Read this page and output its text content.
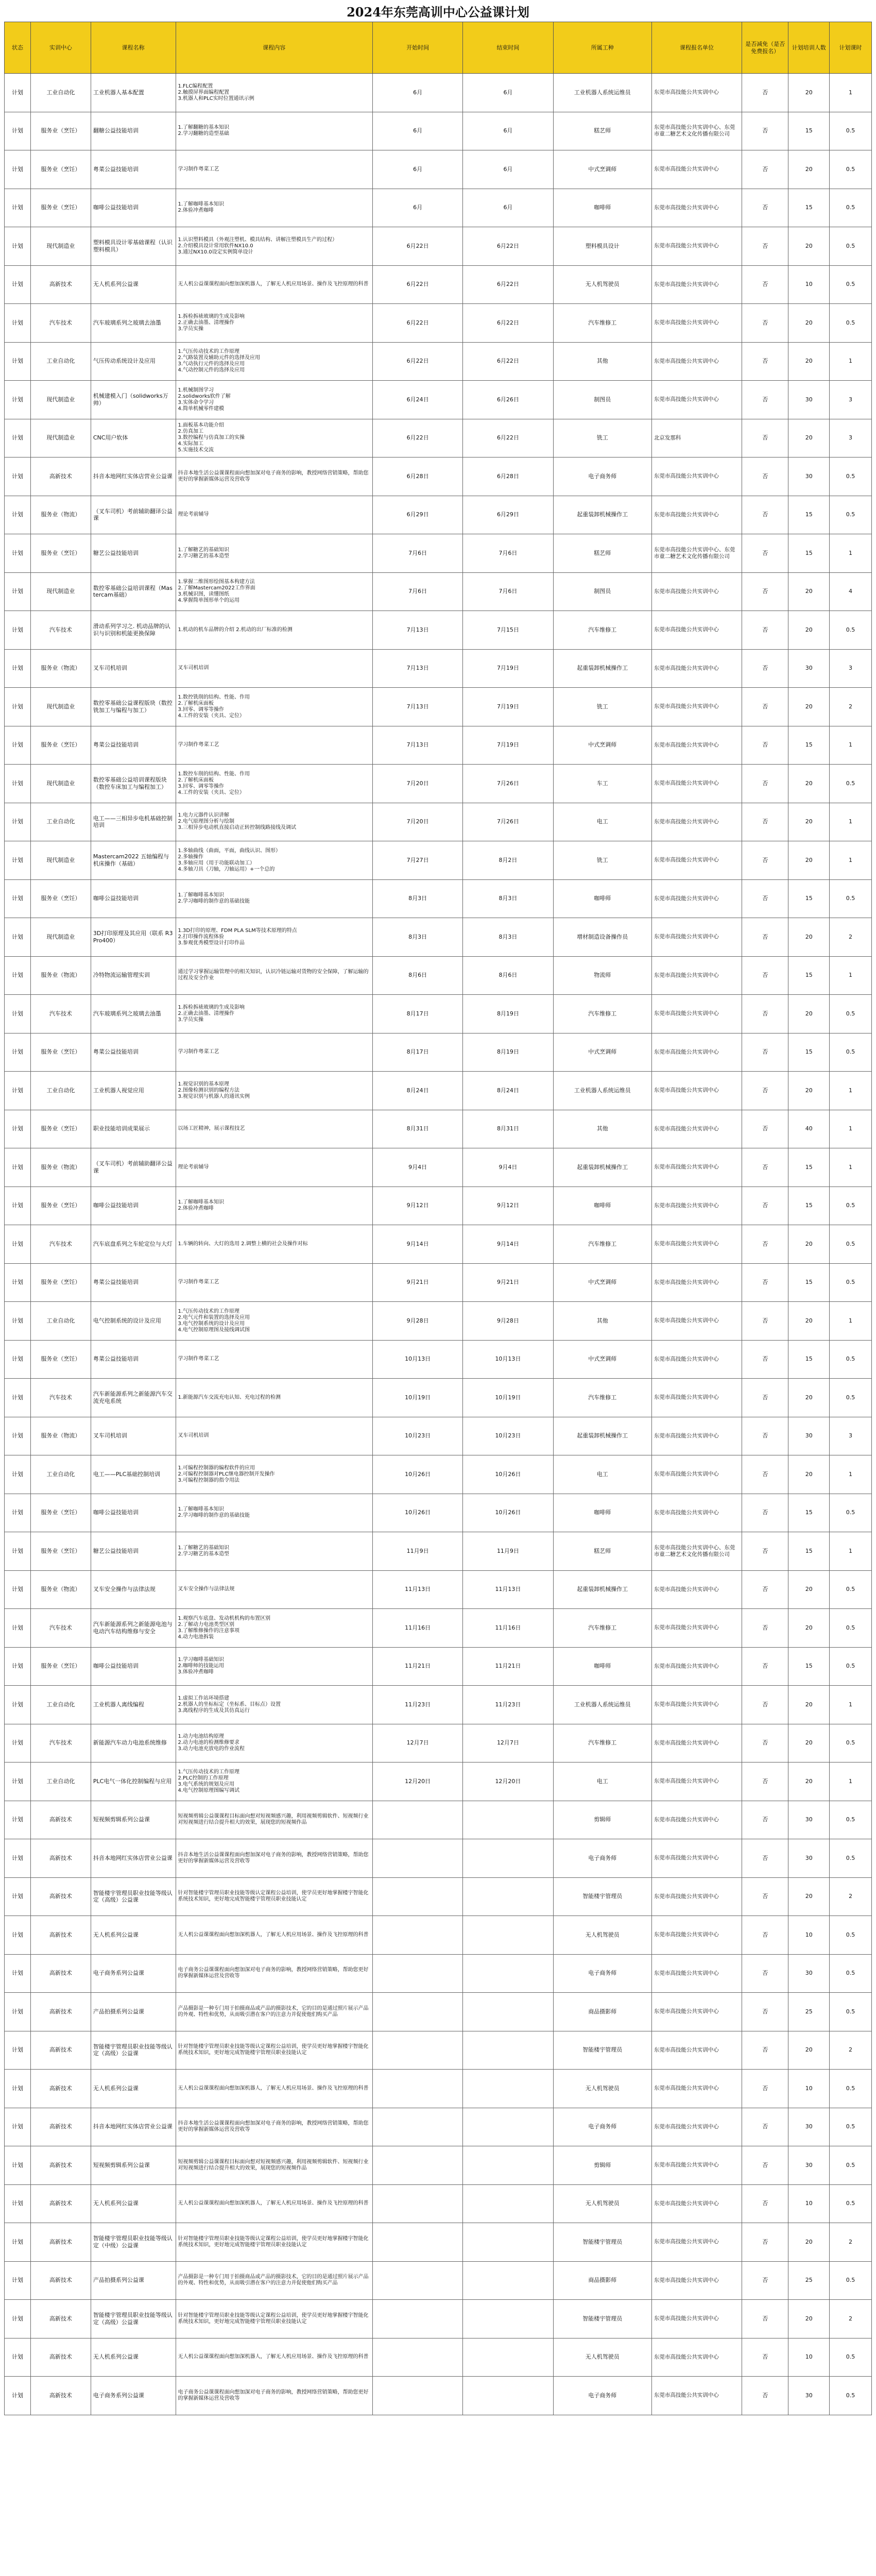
2024年东莞高训中心公益课计划
状态	实训中心	课程名称	课程内容	开始时间	结束时间	所属工种	课程报名单位	是否减免（是否免费报名）	计划培训人数	计划课时
计划	工业自动化	工业机器人基本配置	1.FLC编程配置
2.触摸屏界面编程配置
3.机器人和PLC实时位置通讯示例	6月	6月	工业机器人系统运维员	东莞市高技能公共实训中心	否	20	1
计划	服务业（烹饪）	翻糖公益技能培训	1.了解翻糖的基本知识
2.学习翻糖的造型基础	6月	6月	糕艺师	东莞市高技能公共实训中心、东莞市童二糖艺术文化传播有限公司	否	15	0.5
计划	服务业（烹饪）	粤菜公益技能培训	学习制作粤菜工艺	6月	6月	中式烹调师	东莞市高技能公共实训中心	否	20	0.5
计划	服务业（烹饪）	咖啡公益技能培训	1.了解咖啡基本知识
2.体验冲煮咖啡	6月	6月	咖啡师	东莞市高技能公共实训中心	否	15	0.5
计划	现代制造业	塑料模具设计零基础课程（认识塑料模具）	1.认识塑料模具（外观注塑机、模具结构、讲解注塑模具生产的过程）
2.介绍模具设计常用软件NX10.0
3.通过NX10.0设定实例简单设计	6月22日	6月22日	塑料模具设计	东莞市高技能公共实训中心	否	20	0.5
计划	高新技术	无人机系列公益课	无人机公益课课程面向想加深机器人，了解无人机应用场景、操作及飞控原理的科普	6月22日	6月22日	无人机驾驶员	东莞市高技能公共实训中心	否	10	0.5
计划	汽车技术	汽车玻璃系列之玻璃去油墨	1.拆检拆裱玻璃的生成及影响
2.正确去油墨、清理操作
3.学员实操	6月22日	6月22日	汽车维修工	东莞市高技能公共实训中心	否	20	0.5
计划	工业自动化	气压传动系统设计及应用	1.气压传动技术的工作原理
2.气路装置及辅助元件的选择及应用
3.气动执行元件的选择及应用
4.气动控制元件的选择及应用	6月22日	6月22日	其他	东莞市高技能公共实训中心	否	20	1
计划	现代制造业	机械建模入门（solidworks万帅）	1.机械制图学习
2.solidworks软件了解
3.实体命令学习
4.简单机械零件建模	6月24日	6月26日	制图员	东莞市高技能公共实训中心	否	30	3
计划	现代制造业	CNC用户软体	1.面板基本功能介绍
2.仿真加工
3.数控编程与仿真加工的实操
4.实际加工
5.实施技术交流	6月22日	6月22日	铣工	北京发那科	否	20	3
计划	高新技术	抖音本地网红实体店营业公益课	抖音本地生活公益课课程面向想加深对电子商务的影响，教授网络营销策略，帮助您更好的掌握新媒体运营及营收等	6月28日	6月28日	电子商务师	东莞市高技能公共实训中心	否	30	0.5
计划	服务业（物流）	（叉车司机）考前辅助翻译公益课	理论考前辅导	6月29日	6月29日	起重装卸机械操作工	东莞市高技能公共实训中心	否	15	0.5
计划	服务业（烹饪）	糖艺公益技能培训	1.了解糖艺的基础知识
2.学习糖艺的基本造型	7月6日	7月6日	糕艺师	东莞市高技能公共实训中心、东莞市童二糖艺术文化传播有限公司	否	15	1
计划	现代制造业	数控零基础公益培训课程（Mastercam基础）	1.掌握二维图形绘图基本构建方法
2.了解Mastercam2022工作界面
3.机械识图，读懂图纸
4.掌握简单图形单个的运用	7月6日	7月6日	制图员	东莞市高技能公共实训中心	否	20	4
计划	汽车技术	滑动系列学习之. 机动品牌的认识与识别和机能更换保障	1.机动的机车品牌的介绍 2.机动的出厂标准的检测	7月13日	7月15日	汽车维修工	东莞市高技能公共实训中心	否	20	0.5
计划	服务业（物流）	叉车司机培训	叉车司机培训	7月13日	7月19日	起重装卸机械操作工	东莞市高技能公共实训中心	否	30	3
计划	现代制造业	数控零基础公益课程版块（数控铣加工与编程与加工）	1.数控铣削的结构、性能、作用
2.了解机床面板
3.回零、调零等操作
4.工件的安装（夹具、定位）	7月13日	7月19日	铣工	东莞市高技能公共实训中心	否	20	2
计划	服务业（烹饪）	粤菜公益技能培训	学习制作粤菜工艺	7月13日	7月19日	中式烹调师	东莞市高技能公共实训中心	否	15	1
计划	现代制造业	数控零基础公益培训课程版块（数控车床加工与编程加工）	1.数控车削的结构、性能、作用
2.了解机床面板
3.回零、调零等操作
4.工件的安装（夹具、定位）	7月20日	7月26日	车工	东莞市高技能公共实训中心	否	20	0.5
计划	工业自动化	电工——三相异步电机基础控制培训	1.电力元器件认识讲解
2.电气原理图分析与绘制
3.三相异步电动机直接启动正转控制线路接线及调试	7月20日	7月26日	电工	东莞市高技能公共实训中心	否	20	1
计划	现代制造业	Mastercam2022 五轴编程与机床操作（基础）	1.多轴曲线（曲面，平面，曲线认识、图形）
2.多轴操作
3.多轴应用（用于功能联动加工）
4.多轴刀具（刀轴，刀轴运用）+一个总的	7月27日	8月2日	铣工	东莞市高技能公共实训中心	否	20	1
计划	服务业（烹饪）	咖啡公益技能培训	1.了解咖啡基本知识
2.学习咖啡的制作意的基础技能	8月3日	8月3日	咖啡师	东莞市高技能公共实训中心	否	15	0.5
计划	现代制造业	3D打印原理及其应用（联系 R3 Pro400）	1.3D打印的原理、FDM PLA SLM等技术原理的特点
2.打印操作流程体验
3.参观优秀模型设计打印作品	8月3日	8月3日	增材制造设备操作员	东莞市高技能公共实训中心	否	20	2
计划	服务业（物流）	冷特物流运输管理实训	通过学习掌握运输管理中的相关知识，认识冷链运输对货物的安全保障，了解运输的过程及安全作业	8月6日	8月6日	物流师	东莞市高技能公共实训中心	否	15	1
计划	汽车技术	汽车玻璃系列之玻璃去油墨	1.拆检拆裱玻璃的生成及影响
2.正确去油墨、清理操作
3.学员实操	8月17日	8月19日	汽车维修工	东莞市高技能公共实训中心	否	20	0.5
计划	服务业（烹饪）	粤菜公益技能培训	学习制作粤菜工艺	8月17日	8月19日	中式烹调师	东莞市高技能公共实训中心	否	15	0.5
计划	工业自动化	工业机器人视觉应用	1.视觉识别的基本原理
2.图像检测识别的编程方法
3.视觉识别与机器人的通讯实例	8月24日	8月24日	工业机器人系统运维员	东莞市高技能公共实训中心	否	20	1
计划	服务业（烹饪）	职业技能培训成果展示	以场工匠精神，展示课程技艺	8月31日	8月31日	其他	东莞市高技能公共实训中心	否	40	1
计划	服务业（物流）	（叉车司机）考前辅助翻译公益课	理论考前辅导	9月4日	9月4日	起重装卸机械操作工	东莞市高技能公共实训中心	否	15	1
计划	服务业（烹饪）	咖啡公益技能培训	1.了解咖啡基本知识
2.体验冲煮咖啡	9月12日	9月12日	咖啡师	东莞市高技能公共实训中心	否	15	0.5
计划	汽车技术	汽车底盘系列之车轮定位与大灯	1.车辆的转向、大灯的选用 2.调整上横的社会及操作对标	9月14日	9月14日	汽车维修工	东莞市高技能公共实训中心	否	20	0.5
计划	服务业（烹饪）	粤菜公益技能培训	学习制作粤菜工艺	9月21日	9月21日	中式烹调师	东莞市高技能公共实训中心	否	15	0.5
计划	工业自动化	电气控制系统的设计及应用	1.气压传动技术的工作原理
2.电气元件和装置的选择及应用
3.电气控制系统的设计及应用
4.电气控制原理图及接线调试图	9月28日	9月28日	其他	东莞市高技能公共实训中心	否	20	1
计划	服务业（烹饪）	粤菜公益技能培训	学习制作粤菜工艺	10月13日	10月13日	中式烹调师	东莞市高技能公共实训中心	否	15	0.5
计划	汽车技术	汽车新能源系列之新能源汽车交流充电系统	1.新能源汽车交流充电认知、充电过程的检测	10月19日	10月19日	汽车维修工	东莞市高技能公共实训中心	否	20	0.5
计划	服务业（物流）	叉车司机培训	叉车司机培训	10月23日	10月23日	起重装卸机械操作工	东莞市高技能公共实训中心	否	30	3
计划	工业自动化	电工——PLC基础控制培训	1.可编程控制器的编程软件的应用
2.可编程控制器对PLC继电器控制开发操作
3.可编程控制器的指令用法	10月26日	10月26日	电工	东莞市高技能公共实训中心	否	20	1
计划	服务业（烹饪）	咖啡公益技能培训	1.了解咖啡基本知识
2.学习咖啡的制作意的基础技能	10月26日	10月26日	咖啡师	东莞市高技能公共实训中心	否	15	0.5
计划	服务业（烹饪）	糖艺公益技能培训	1.了解糖艺的基础知识
2.学习糖艺的基本造型	11月9日	11月9日	糕艺师	东莞市高技能公共实训中心、东莞市童二糖艺术文化传播有限公司	否	15	1
计划	服务业（物流）	叉车安全操作与法律法规	叉车安全操作与法律法规	11月13日	11月13日	起重装卸机械操作工	东莞市高技能公共实训中心	否	20	0.5
计划	汽车技术	汽车新能源系列之新能源电池与电动汽车结构维修与安全	1.观察汽车底盘、发动机机构的布置区别
2.了解动力电池类型区别
3.了解维修操作的注意事项
4.动力电池拆装	11月16日	11月16日	汽车维修工	东莞市高技能公共实训中心	否	20	0.5
计划	服务业（烹饪）	咖啡公益技能培训	1.学习咖啡基础知识
2.咖啡师的技能运用
3.体验冲煮咖啡	11月21日	11月21日	咖啡师	东莞市高技能公共实训中心	否	15	0.5
计划	工业自动化	工业机器人离线编程	1.虚拟工作站环境搭建
2.机器人的坐标标定（坐标系、目标点）设置
3.离线程序的生成及其仿真运行	11月23日	11月23日	工业机器人系统运维员	东莞市高技能公共实训中心	否	20	1
计划	汽车技术	新能源汽车动力电池系统维修	1.动力电池结构原理
2.动力电池的检测维修要求
3.动力电池充放电的作业流程	12月7日	12月7日	汽车维修工	东莞市高技能公共实训中心	否	20	0.5
计划	工业自动化	PLC电气一体化控制编程与应用	1.气压传动技术的工作原理
2.PLC控制的工作原理
3.电气系统的规划及应用
4.电气控制原理图编写调试	12月20日	12月20日	电工	东莞市高技能公共实训中心	否	20	1
计划	高新技术	短视频剪辑系列公益课	短视频剪辑公益课课程目标面向想对短视频感兴趣，利用视频剪辑软件、短视频行业对短视频进行结合提升相大的效果，展现您的短视频作品			剪辑师	东莞市高技能公共实训中心	否	30	0.5
计划	高新技术	抖音本地网红实体店营业公益课	抖音本地生活公益课课程面向想加深对电子商务的影响，教授网络营销策略，帮助您更好的掌握新媒体运营及营收等			电子商务师	东莞市高技能公共实训中心	否	30	0.5
计划	高新技术	智能楼宇管理员职业技能等级认定（高级）公益课	针对智能楼宇管理员职业技能等级认定课程公益培训，使学员更好地掌握楼宇智能化系统技术知识，更好地完成智能楼宇管理员职业技能认定			智能楼宇管理员	东莞市高技能公共实训中心	否	20	2
计划	高新技术	无人机系列公益课	无人机公益课课程面向想加深机器人，了解无人机应用场景、操作及飞控原理的科普			无人机驾驶员	东莞市高技能公共实训中心	否	10	0.5
计划	高新技术	电子商务系列公益课	电子商务公益课课程面向想加深对电子商务的影响，教授网络营销策略，帮助您更好的掌握新媒体运营及营收等			电子商务师	东莞市高技能公共实训中心	否	30	0.5
计划	高新技术	产品拍摄系列公益课	产品摄影是一种专门用于拍摄商品或产品的摄影技术，它的目的是通过照片展示产品的外观、特性和优势，从而吸引潜在客户的注意力并促使他们购买产品			商品摄影师	东莞市高技能公共实训中心	否	25	0.5
计划	高新技术	智能楼宇管理员职业技能等级认定（高级）公益课	针对智能楼宇管理员职业技能等级认定课程公益培训，使学员更好地掌握楼宇智能化系统技术知识，更好地完成智能楼宇管理员职业技能认定			智能楼宇管理员	东莞市高技能公共实训中心	否	20	2
计划	高新技术	无人机系列公益课	无人机公益课课程面向想加深机器人，了解无人机应用场景、操作及飞控原理的科普			无人机驾驶员	东莞市高技能公共实训中心	否	10	0.5
计划	高新技术	抖音本地网红实体店营业公益课	抖音本地生活公益课课程面向想加深对电子商务的影响，教授网络营销策略，帮助您更好的掌握新媒体运营及营收等			电子商务师	东莞市高技能公共实训中心	否	30	0.5
计划	高新技术	短视频剪辑系列公益课	短视频剪辑公益课课程目标面向想对短视频感兴趣，利用视频剪辑软件、短视频行业对短视频进行结合提升相大的效果，展现您的短视频作品			剪辑师	东莞市高技能公共实训中心	否	30	0.5
计划	高新技术	无人机系列公益课	无人机公益课课程面向想加深机器人，了解无人机应用场景、操作及飞控原理的科普			无人机驾驶员	东莞市高技能公共实训中心	否	10	0.5
计划	高新技术	智能楼宇管理员职业技能等级认定（中级）公益课	针对智能楼宇管理员职业技能等级认定课程公益培训，使学员更好地掌握楼宇智能化系统技术知识，更好地完成智能楼宇管理员职业技能认定			智能楼宇管理员	东莞市高技能公共实训中心	否	20	2
计划	高新技术	产品拍摄系列公益课	产品摄影是一种专门用于拍摄商品或产品的摄影技术，它的目的是通过照片展示产品的外观、特性和优势，从而吸引潜在客户的注意力并促使他们购买产品			商品摄影师	东莞市高技能公共实训中心	否	25	0.5
计划	高新技术	智能楼宇管理员职业技能等级认定（高级）公益课	针对智能楼宇管理员职业技能等级认定课程公益培训，使学员更好地掌握楼宇智能化系统技术知识，更好地完成智能楼宇管理员职业技能认定			智能楼宇管理员	东莞市高技能公共实训中心	否	20	2
计划	高新技术	无人机系列公益课	无人机公益课课程面向想加深机器人，了解无人机应用场景、操作及飞控原理的科普			无人机驾驶员	东莞市高技能公共实训中心	否	10	0.5
计划	高新技术	电子商务系列公益课	电子商务公益课课程面向想加深对电子商务的影响，教授网络营销策略，帮助您更好的掌握新媒体运营及营收等			电子商务师	东莞市高技能公共实训中心	否	30	0.5
